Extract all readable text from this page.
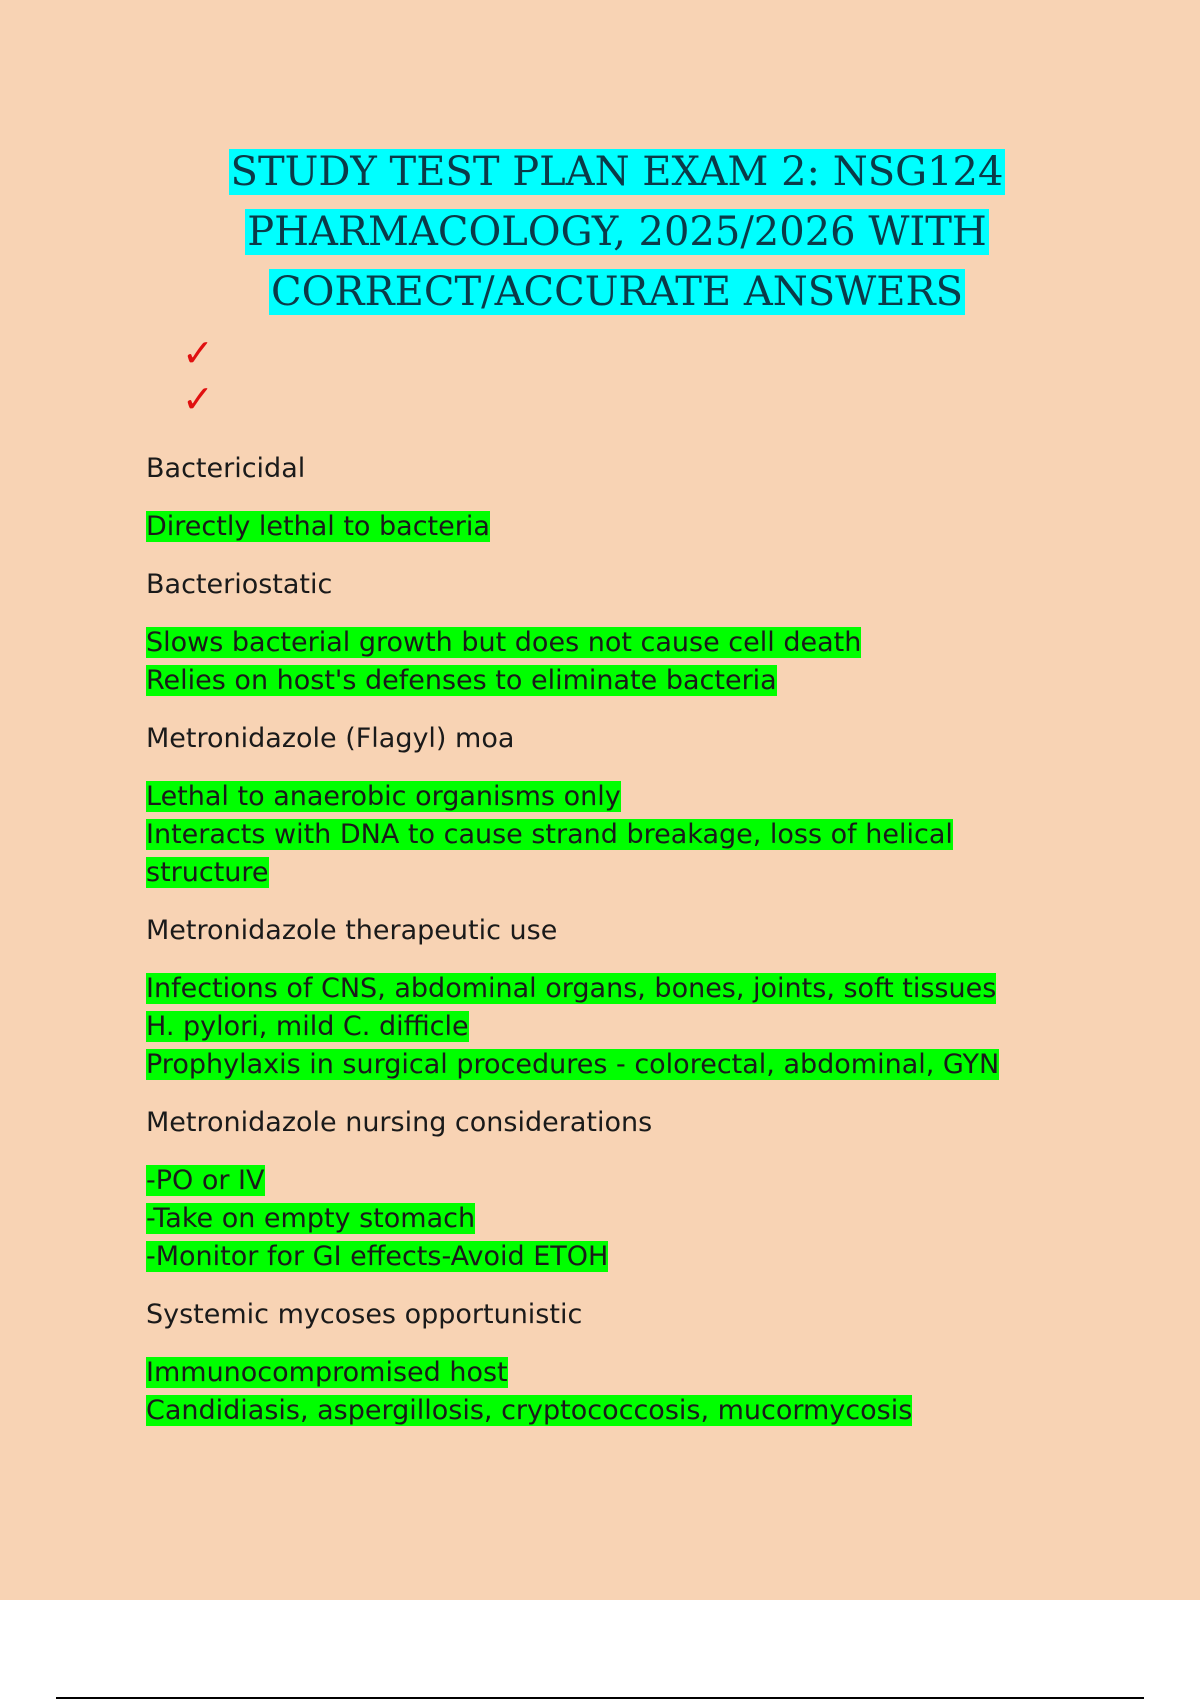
STUDY TEST PLAN EXAM 2: NSG124
PHARMACOLOGY, 2025/2026 WITH
CORRECT/ACCURATE ANSWERS
✓
✓
Bactericidal
Directly lethal to bacteria
Bacteriostatic
Slows bacterial growth but does not cause cell death
Relies on host's defenses to eliminate bacteria
Metronidazole (Flagyl) moa
Lethal to anaerobic organisms only
Interacts with DNA to cause strand breakage, loss of helical
structure
Metronidazole therapeutic use
Infections of CNS, abdominal organs, bones, joints, soft tissues
H. pylori, mild C. difficle
Prophylaxis in surgical procedures - colorectal, abdominal, GYN
Metronidazole nursing considerations
-PO or IV
-Take on empty stomach
-Monitor for GI effects-Avoid ETOH
Systemic mycoses opportunistic
Immunocompromised host
Candidiasis, aspergillosis, cryptococcosis, mucormycosis
